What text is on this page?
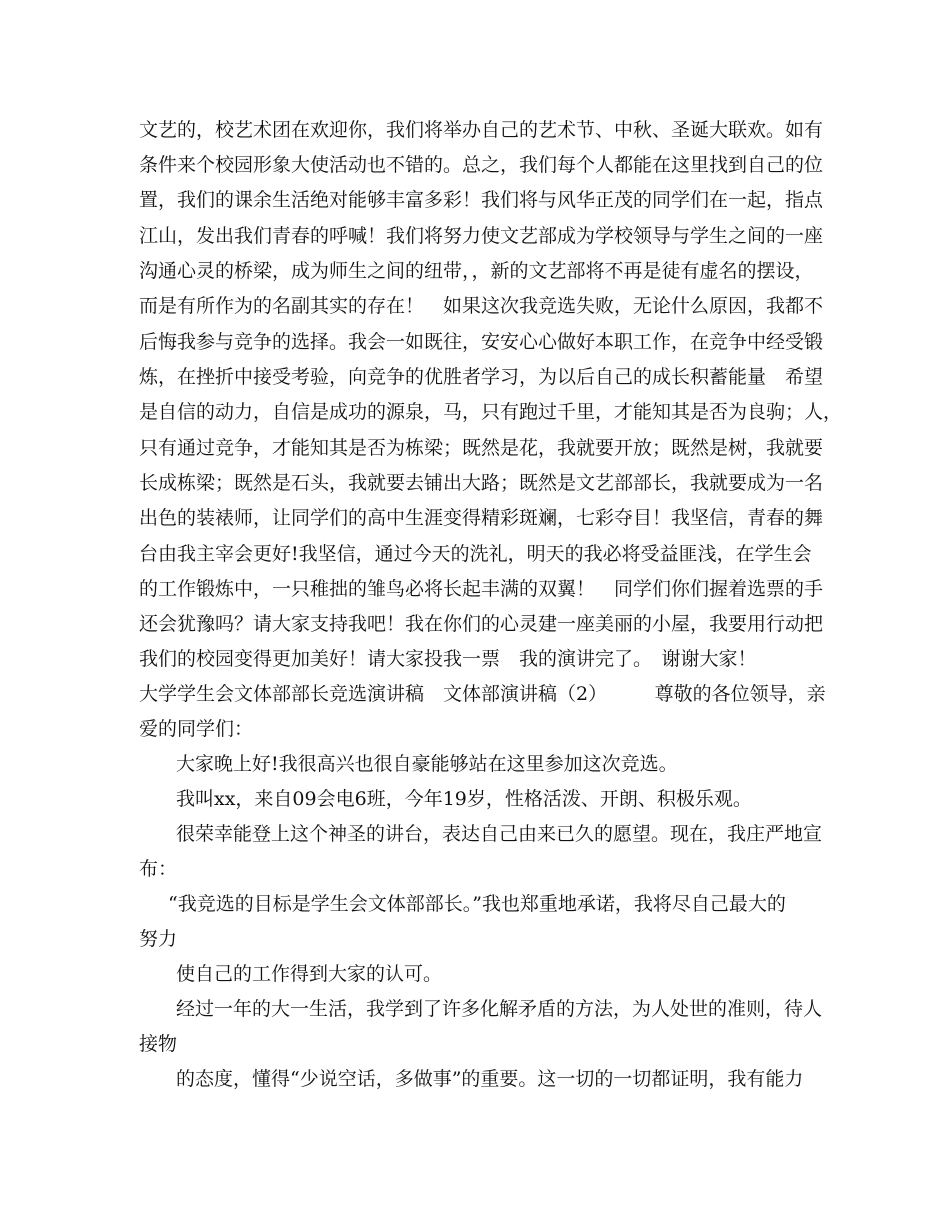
文艺的，校艺术团在欢迎你，我们将举办自己的艺术节、中秋、圣诞大联欢。如有

条件来个校园形象大使活动也不错的。总之，我们每个人都能在这里找到自己的位

置，我们的课余生活绝对能够丰富多彩！我们将与风华正茂的同学们在一起，指点

江山，发出我们青春的呼喊！我们将努力使文艺部成为学校领导与学生之间的一座

沟通心灵的桥梁，成为师生之间的纽带，，新的文艺部将不再是徒有虚名的摆设，

而是有所作为的名副其实的存在！　如果这次我竞选失败，无论什么原因，我都不

后悔我参与竞争的选择。我会一如既往，安安心心做好本职工作，在竞争中经受锻

炼，在挫折中接受考验，向竞争的优胜者学习，为以后自己的成长积蓄能量　希望

是自信的动力，自信是成功的源泉，马，只有跑过千里，才能知其是否为良驹；人，

只有通过竞争，才能知其是否为栋梁；既然是花，我就要开放；既然是树，我就要

长成栋梁；既然是石头，我就要去铺出大路；既然是文艺部部长，我就要成为一名

出色的装裱师，让同学们的高中生涯变得精彩斑斓，七彩夺目！我坚信，青春的舞

台由我主宰会更好!我坚信，通过今天的洗礼，明天的我必将受益匪浅，在学生会

的工作锻炼中，一只稚拙的雏鸟必将长起丰满的双翼！　同学们你们握着选票的手

还会犹豫吗？请大家支持我吧！我在你们的心灵建一座美丽的小屋，我要用行动把

我们的校园变得更加美好！请大家投我一票　我的演讲完了。　谢谢大家！

大学学生会文体部部长竞选演讲稿　文体部演讲稿（2）　　　尊敬的各位领导，亲

爱的同学们：

大家晚上好!我很高兴也很自豪能够站在这里参加这次竞选。

我叫xx，来自09会电6班，今年19岁，性格活泼、开朗、积极乐观。

很荣幸能登上这个神圣的讲台，表达自己由来已久的愿望。现在，我庄严地宣

布：

“我竞选的目标是学生会文体部部长。”我也郑重地承诺，我将尽自己最大的

努力

使自己的工作得到大家的认可。

经过一年的大一生活，我学到了许多化解矛盾的方法，为人处世的准则，待人

接物

的态度，懂得“少说空话，多做事”的重要。这一切的一切都证明，我有能力
